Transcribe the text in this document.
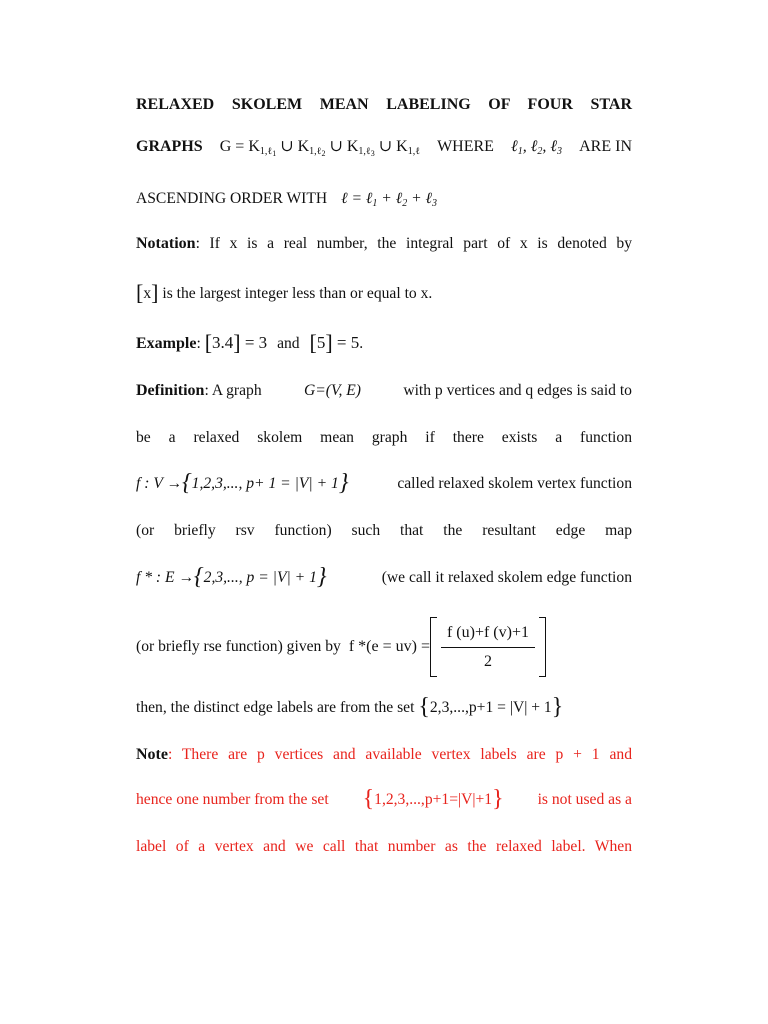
RELAXED SKOLEM MEAN LABELING OF FOUR STAR
GRAPHS $G = K_{1,\ell_1}$ ∪ $K_{1,\ell_2}$ ∪ $K_{1,\ell_3}$ ∪ $K_{1,\ell}$ WHERE ℓ$_1$, ℓ$_2$, ℓ$_3$ ARE IN
ASCENDING ORDER WITH ℓ = ℓ$_1$ + ℓ$_2$ + ℓ$_3$
Notation: If x is a real number, the integral part of x is denoted by
[x] is the largest integer less than or equal to x.
Example: [3.4] = 3 and [5] = 5.
Definition: A graph	G=(V, E)	with p vertices and q edges is said to
be a relaxed skolem mean graph if there exists a function
f : V →{1,2,3,..., p+ 1 = |V| + 1}	called relaxed skolem vertex function
(or briefly rsv function) such that the resultant edge map
f * : E →{2,3,..., p = |V| + 1}	(we call it relaxed skolem edge function
(or briefly rse function) given by f $*(e = uv) = \frac{f (u)+f (v)+1}{2}$
then, the distinct edge labels are from the set {2,3,...,p+1 = |V| + 1}
Note: There are p vertices and available vertex labels are p + 1 and
hence one number from the set {1,2,3,...,p+1=|V|+1} is not used as a
label of a vertex and we call that number as the relaxed label. When
